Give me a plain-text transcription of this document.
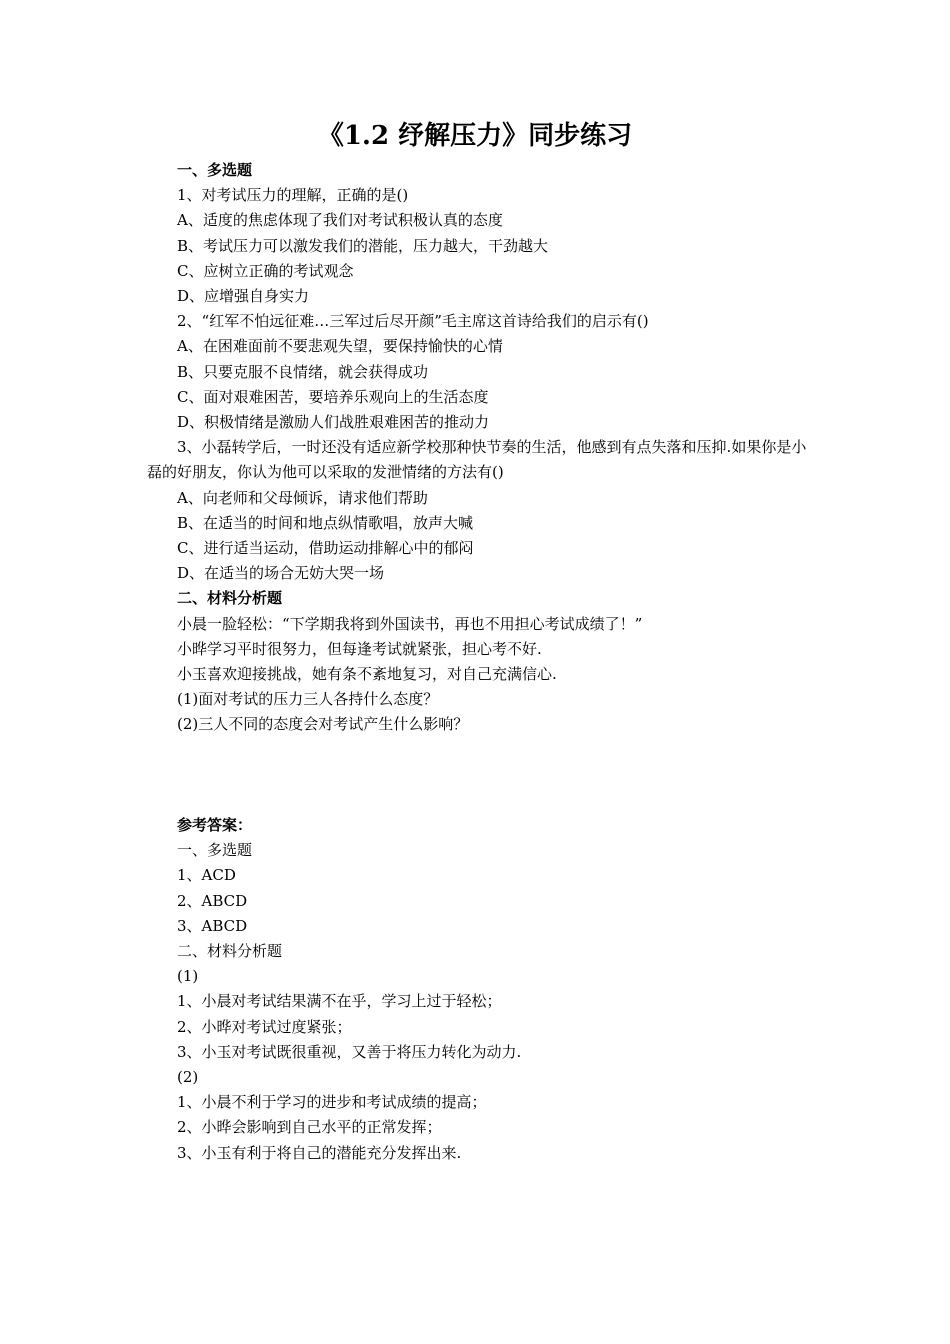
《1.2 纾解压力》同步练习

一、多选题

1、对考试压力的理解，正确的是()

A、适度的焦虑体现了我们对考试积极认真的态度

B、考试压力可以激发我们的潜能，压力越大，干劲越大

C、应树立正确的考试观念

D、应增强自身实力

2、“红军不怕远征难…三军过后尽开颜”毛主席这首诗给我们的启示有()

A、在困难面前不要悲观失望，要保持愉快的心情

B、只要克服不良情绪，就会获得成功

C、面对艰难困苦，要培养乐观向上的生活态度

D、积极情绪是激励人们战胜艰难困苦的推动力

3、小磊转学后，一时还没有适应新学校那种快节奏的生活，他感到有点失落和压抑.如果你是小磊的好朋友，你认为他可以采取的发泄情绪的方法有()

A、向老师和父母倾诉，请求他们帮助

B、在适当的时间和地点纵情歌唱，放声大喊

C、进行适当运动，借助运动排解心中的郁闷

D、在适当的场合无妨大哭一场

二、材料分析题

小晨一脸轻松：“下学期我将到外国读书，再也不用担心考试成绩了！”

小晔学习平时很努力，但每逢考试就紧张，担心考不好.

小玉喜欢迎接挑战，她有条不紊地复习，对自己充满信心.

(1)面对考试的压力三人各持什么态度？

(2)三人不同的态度会对考试产生什么影响？

参考答案：

一、多选题

1、ACD

2、ABCD

3、ABCD

二、材料分析题

(1)

1、小晨对考试结果满不在乎，学习上过于轻松；

2、小晔对考试过度紧张；

3、小玉对考试既很重视，又善于将压力转化为动力.

(2)

1、小晨不利于学习的进步和考试成绩的提高；

2、小晔会影响到自己水平的正常发挥；

3、小玉有利于将自己的潜能充分发挥出来.
